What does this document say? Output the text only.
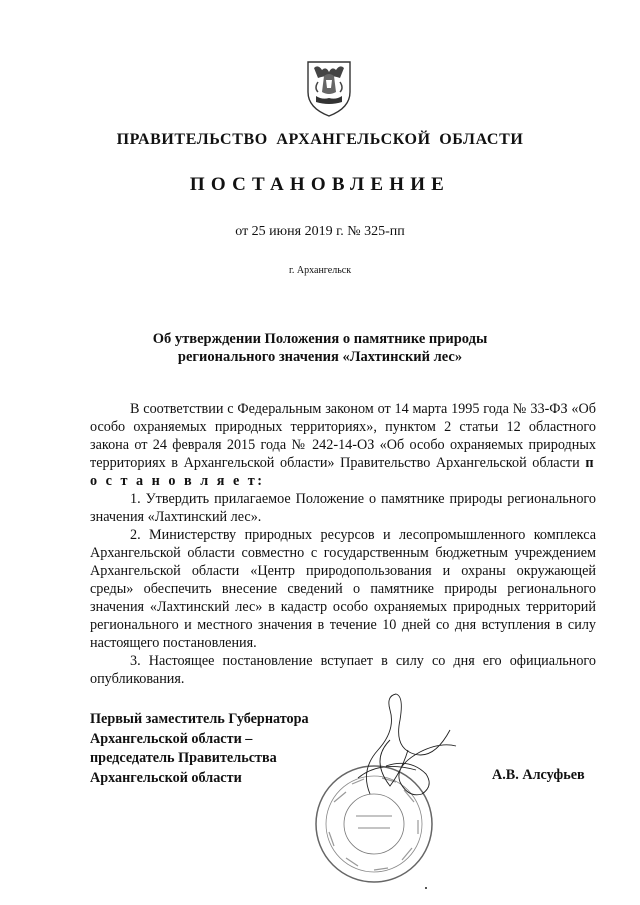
ПРАВИТЕЛЬСТВО АРХАНГЕЛЬСКОЙ ОБЛАСТИ
ПОСТАНОВЛЕНИЕ
от 25 июня 2019 г. № 325-пп
г. Архангельск
Об утверждении Положения о памятнике природы
регионального значения «Лахтинский лес»

В соответствии с Федеральным законом от 14 марта 1995 года № 33-ФЗ «Об особо охраняемых природных территориях», пунктом 2 статьи 12 областного закона от 24 февраля 2015 года № 242-14-ОЗ «Об особо охраняемых природных территориях в Архангельской области» Правительство Архангельской области п о с т а н о в л я е т:

1. Утвердить прилагаемое Положение о памятнике природы регионального значения «Лахтинский лес».

2. Министерству природных ресурсов и лесопромышленного комплекса Архангельской области совместно с государственным бюджетным учреждением Архангельской области «Центр природопользования и охраны окружающей среды» обеспечить внесение сведений о памятнике природы регионального значения «Лахтинский лес» в кадастр особо охраняемых природных территорий регионального и местного значения в течение 10 дней со дня вступления в силу настоящего постановления.

3. Настоящее постановление вступает в силу со дня его официального опубликования.

Первый заместитель Губернатора
Архангельской области –
председатель Правительства
Архангельской области	А.В. Алсуфьев
